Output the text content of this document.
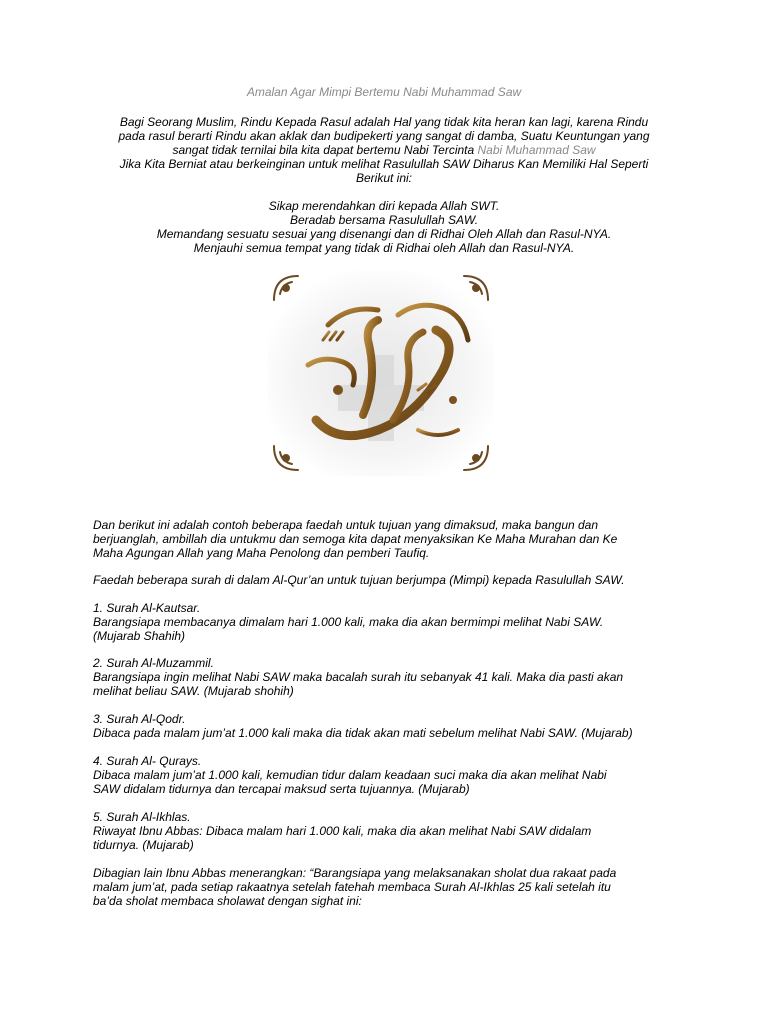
Amalan Agar Mimpi Bertemu Nabi Muhammad Saw
Bagi Seorang Muslim, Rindu Kepada Rasul adalah Hal yang tidak kita heran kan lagi, karena Rindu
pada rasul berarti Rindu akan aklak dan budipekerti yang sangat di damba, Suatu Keuntungan yang
sangat tidak ternilai bila kita dapat bertemu Nabi Tercinta Nabi Muhammad Saw
Jika Kita Berniat atau berkeinginan untuk melihat Rasulullah SAW Diharus Kan Memiliki Hal Seperti
Berikut ini:
Sikap merendahkan diri kepada Allah SWT.
Beradab bersama Rasulullah SAW.
Memandang sesuatu sesuai yang disenangi dan di Ridhai Oleh Allah dan Rasul-NYA.
Menjauhi semua tempat yang tidak di Ridhai oleh Allah dan Rasul-NYA.
Dan berikut ini adalah contoh beberapa faedah untuk tujuan yang dimaksud, maka bangun dan
berjuanglah, ambillah dia untukmu dan semoga kita dapat menyaksikan Ke Maha Murahan dan Ke
Maha Agungan Allah yang Maha Penolong dan pemberi Taufiq.
Faedah beberapa surah di dalam Al-Qur’an untuk tujuan berjumpa (Mimpi) kepada Rasulullah SAW.
1. Surah Al-Kautsar.
Barangsiapa membacanya dimalam hari 1.000 kali, maka dia akan bermimpi melihat Nabi SAW.
(Mujarab Shahih)
2. Surah Al-Muzammil.
Barangsiapa ingin melihat Nabi SAW maka bacalah surah itu sebanyak 41 kali. Maka dia pasti akan
melihat beliau SAW. (Mujarab shohih)
3. Surah Al-Qodr.
Dibaca pada malam jum’at 1.000 kali maka dia tidak akan mati sebelum melihat Nabi SAW. (Mujarab)
4. Surah Al- Qurays.
Dibaca malam jum’at 1.000 kali, kemudian tidur dalam keadaan suci maka dia akan melihat Nabi
SAW didalam tidurnya dan tercapai maksud serta tujuannya. (Mujarab)
5. Surah Al-Ikhlas.
Riwayat Ibnu Abbas: Dibaca malam hari 1.000 kali, maka dia akan melihat Nabi SAW didalam
tidurnya. (Mujarab)
Dibagian lain Ibnu Abbas menerangkan: “Barangsiapa yang melaksanakan sholat dua rakaat pada
malam jum’at, pada setiap rakaatnya setelah fatehah membaca Surah Al-Ikhlas 25 kali setelah itu
ba’da sholat membaca sholawat dengan sighat ini:
